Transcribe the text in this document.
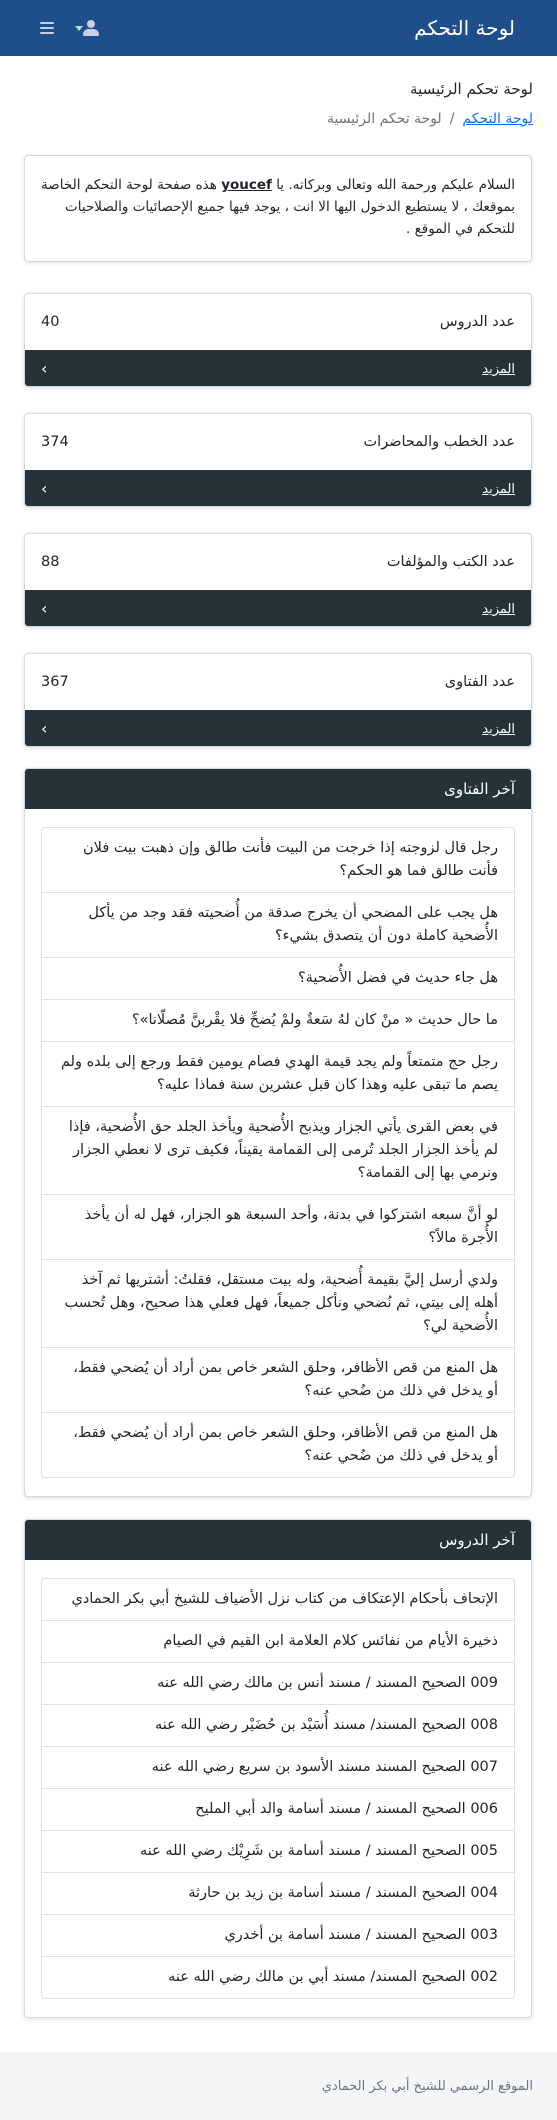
لوحة التحكم
لوحة تحكم الرئيسية
لوحة التحكم
/
لوحة تحكم الرئيسية
السلام عليكم ورحمة الله وتعالى وبركاته. يا youcef هذه صفحة لوحة التحكم الخاصة بموقعك ، لا يستطيع الدخول اليها الا انت ، يوجد فيها جميع الإحصائيات والصلاحيات للتحكم في الموقع .
عدد الدروس
40
المزيد
›
عدد الخطب والمحاضرات
374
المزيد
›
عدد الكتب والمؤلفات
88
المزيد
›
عدد الفتاوى
367
المزيد
›
آخر الفتاوى
رجل قال لزوجته إذا خرجت من البيت فأنت طالق وإن ذهبت بيت فلان فأنت طالق فما هو الحكم؟
هل يجب على المضحي أن يخرج صدقة من أُضحيته فقد وجد من يأكل الأُضحية كاملة دون أن يتصدق بشيء؟
هل جاء حديث في فضل الأُضحية؟
ما حال حديث « منْ كان لهُ سَعةٌ ولمْ يُضحِّ فلا يقْربنَّ مُصلّانا»؟
رجل حج متمتعاً ولم يجد قيمة الهدي فصام يومين فقط ورجع إلى بلده ولم يصم ما تبقى عليه وهذا كان قبل عشرين سنة فماذا عليه؟
في بعض القرى يأتي الجزار ويذبح الأُضحية ويأخذ الجلد حق الأُضحية، فإذا لم يأخذ الجزار الجلد تُرمى إلى القمامة يقيناً، فكيف ترى لا نعطي الجزار ونرمي بها إلى القمامة؟
لو أنَّ سبعه اشتركوا في بدنة، وأحد السبعة هو الجزار، فهل له أن يأخذ الأُجرة مالاً؟
ولدي أرسل إليَّ بقيمة أُضحية، وله بيت مستقل، فقلتُ: أشتريها ثم آخذ أهله إلى بيتي، ثم نُضحي ونأكل جميعاً، فهل فعلي هذا صحيح، وهل تُحسب الأُضحية لي؟
هل المنع من قص الأظافر، وحلق الشعر خاص بمن أراد أن يُضحي فقط، أو يدخل في ذلك من ضُحي عنه؟
هل المنع من قص الأظافر، وحلق الشعر خاص بمن أراد أن يُضحي فقط، أو يدخل في ذلك من ضُحي عنه؟
آخر الدروس
الإتحاف بأحكام الإعتكاف من كتاب نزل الأضياف للشيخ أبي بكر الحمادي
ذخيرة الأيام من نفائس كلام العلامة ابن القيم في الصيام
009 الصحيح المسند / مسند أنس بن مالك رضي الله عنه
008 الصحيح المسند/ مسند أُسَيْد بن حُضَيْر رضي الله عنه
007 الصحيح المسند مسند الأسود بن سريع رضي الله عنه
006 الصحيح المسند / مسند أسامة والد أبي المليح
005 الصحيح المسند / مسند أسامة بن شَرِيْك رضي الله عنه
004 الصحيح المسند / مسند أسامة بن زيد بن حارثة
003 الصحيح المسند / مسند أسامة بن أخدري
002 الصحيح المسند/ مسند أبي بن مالك رضي الله عنه
الموقع الرسمي للشيخ أبي بكر الحمادي
